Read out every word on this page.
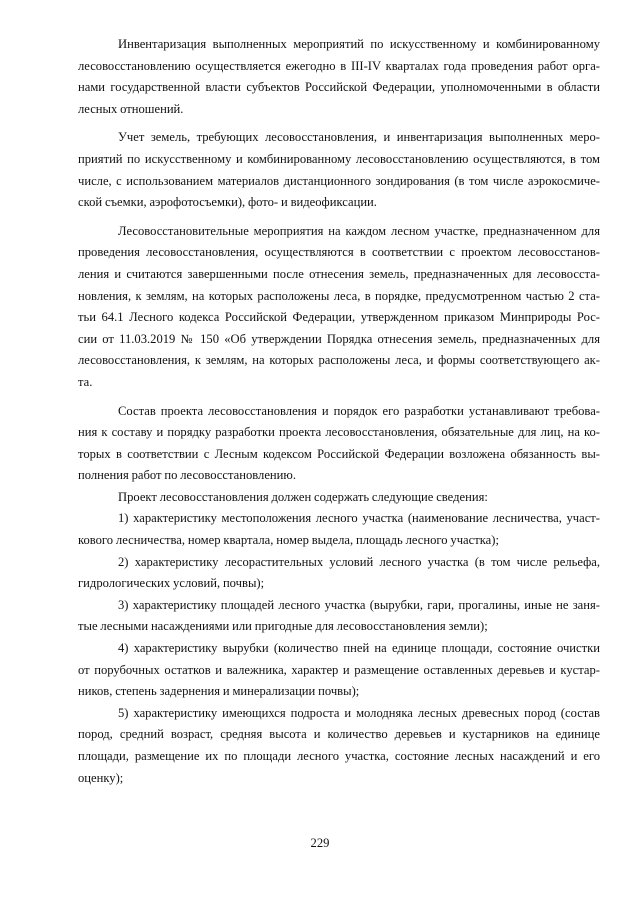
Инвентаризация выполненных мероприятий по искусственному и комбинированному
лесовосстановлению осуществляется ежегодно в III-IV кварталах года проведения работ орга-
нами государственной власти субъектов Российской Федерации, уполномоченными в области
лесных отношений.

Учет земель, требующих лесовосстановления, и инвентаризация выполненных меро-
приятий по искусственному и комбинированному лесовосстановлению осуществляются, в том
числе, с использованием материалов дистанционного зондирования (в том числе аэрокосмиче-
ской съемки, аэрофотосъемки), фото- и видеофиксации.

Лесовосстановительные мероприятия на каждом лесном участке, предназначенном для
проведения лесовосстановления, осуществляются в соответствии с проектом лесовосстанов-
ления и считаются завершенными после отнесения земель, предназначенных для лесовосста-
новления, к землям, на которых расположены леса, в порядке, предусмотренном частью 2 ста-
тьи 64.1 Лесного кодекса Российской Федерации, утвержденном приказом Минприроды Рос-
сии от 11.03.2019 № 150 «Об утверждении Порядка отнесения земель, предназначенных для
лесовосстановления, к землям, на которых расположены леса, и формы соответствующего ак-
та.

Состав проекта лесовосстановления и порядок его разработки устанавливают требова-
ния к составу и порядку разработки проекта лесовосстановления, обязательные для лиц, на ко-
торых в соответствии с Лесным кодексом Российской Федерации возложена обязанность вы-
полнения работ по лесовосстановлению.

Проект лесовосстановления должен содержать следующие сведения:

1) характеристику местоположения лесного участка (наименование лесничества, участ-
кового лесничества, номер квартала, номер выдела, площадь лесного участка);

2) характеристику лесорастительных условий лесного участка (в том числе рельефа,
гидрологических условий, почвы);

3) характеристику площадей лесного участка (вырубки, гари, прогалины, иные не заня-
тые лесными насаждениями или пригодные для лесовосстановления земли);

4) характеристику вырубки (количество пней на единице площади, состояние очистки
от порубочных остатков и валежника, характер и размещение оставленных деревьев и кустар-
ников, степень задернения и минерализации почвы);

5) характеристику имеющихся подроста и молодняка лесных древесных пород (состав
пород, средний возраст, средняя высота и количество деревьев и кустарников на единице
площади, размещение их по площади лесного участка, состояние лесных насаждений и его
оценку);

229
